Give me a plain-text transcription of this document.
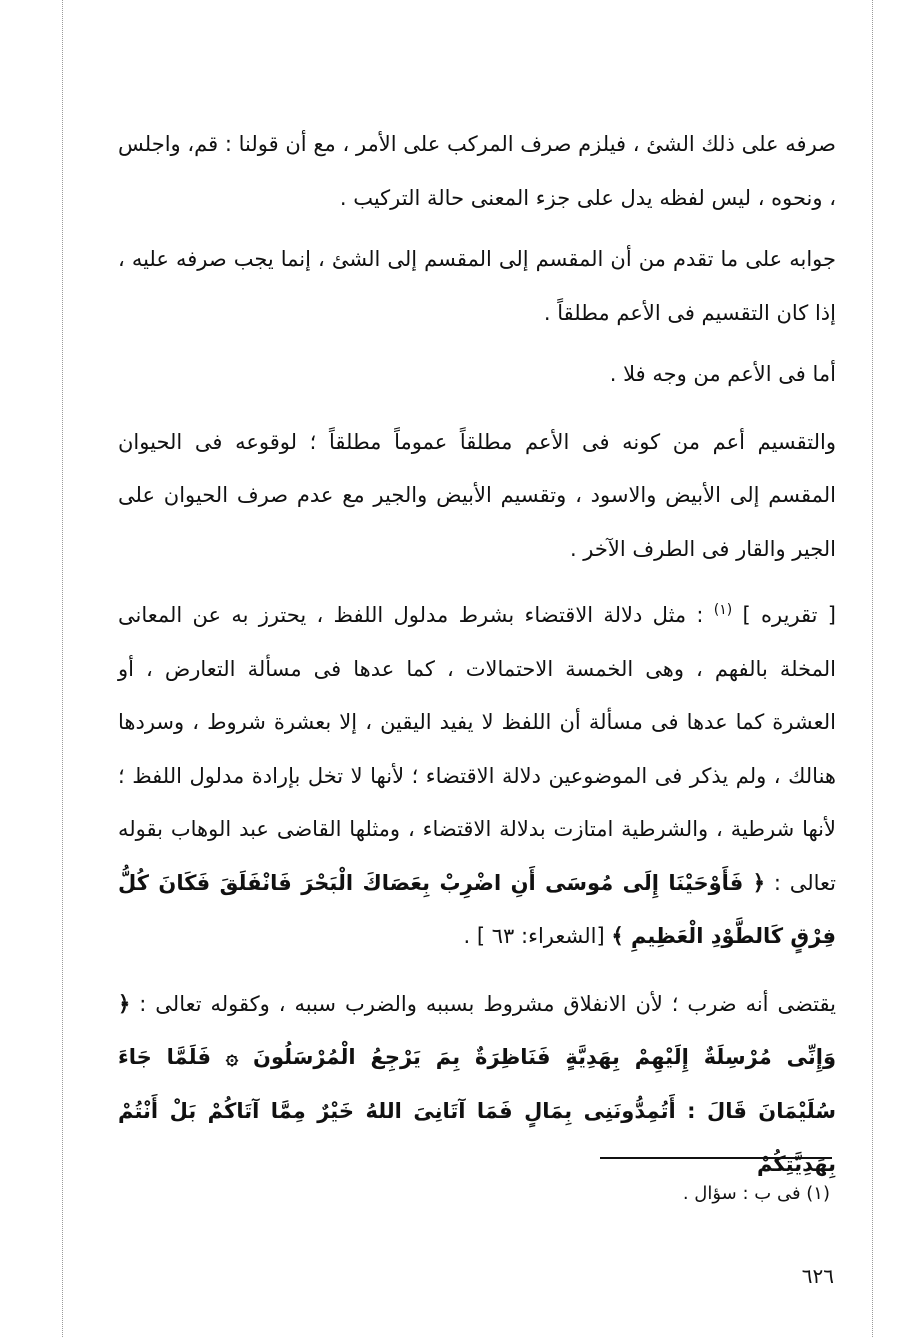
صرفه على ذلك الشئ ، فيلزم صرف المركب على الأمر ، مع أن قولنا : قم، واجلس ، ونحوه ، ليس لفظه يدل على جزء المعنى حالة التركيب .

جوابه على ما تقدم من أن المقسم إلى المقسم إلى الشئ ، إنما يجب صرفه عليه ، إذا كان التقسيم فى الأعم مطلقاً .

أما فى الأعم من وجه فلا .

والتقسيم أعم من كونه فى الأعم مطلقاً عموماً مطلقاً ؛ لوقوعه فى الحيوان المقسم إلى الأبيض والاسود ، وتقسيم الأبيض والجير مع عدم صرف الحيوان على الجير والقار فى الطرف الآخر .

[ تقريره ] $^{(١)}$ : مثل دلالة الاقتضاء بشرط مدلول اللفظ ، يحترز به عن المعانى المخلة بالفهم ، وهى الخمسة الاحتمالات ، كما عدها فى مسألة التعارض ، أو العشرة كما عدها فى مسألة أن اللفظ لا يفيد اليقين ، إلا بعشرة شروط ، وسردها هنالك ، ولم يذكر فى الموضوعين دلالة الاقتضاء ؛ لأنها لا تخل بإرادة مدلول اللفظ ؛ لأنها شرطية ، والشرطية امتازت بدلالة الاقتضاء ، ومثلها القاضى عبد الوهاب بقوله تعالى : ﴿ فَأَوْحَيْنَا إِلَى مُوسَى أَنِ اضْرِبْ بِعَصَاكَ الْبَحْرَ فَانْفَلَقَ فَكَانَ كُلُّ فِرْقٍ كَالطَّوْدِ الْعَظِيمِ ﴾ [الشعراء: ٦٣ ] .

يقتضى أنه ضرب ؛ لأن الانفلاق مشروط بسببه والضرب سببه ، وكقوله تعالى : ﴿ وَإِنِّى مُرْسِلَةٌ إِلَيْهِمْ بِهَدِيَّةٍ فَنَاظِرَةٌ بِمَ يَرْجِعُ الْمُرْسَلُونَ ۞ فَلَمَّا جَاءَ سُلَيْمَانَ قَالَ : أَتُمِدُّونَنِى بِمَالٍ فَمَا آتَانِىَ اللهُ خَيْرٌ مِمَّا آتَاكُمْ بَلْ أَنْتُمْ بِهَدِيَّتِكُمْ

(١) فى ب : سؤال .
٦٢٦
